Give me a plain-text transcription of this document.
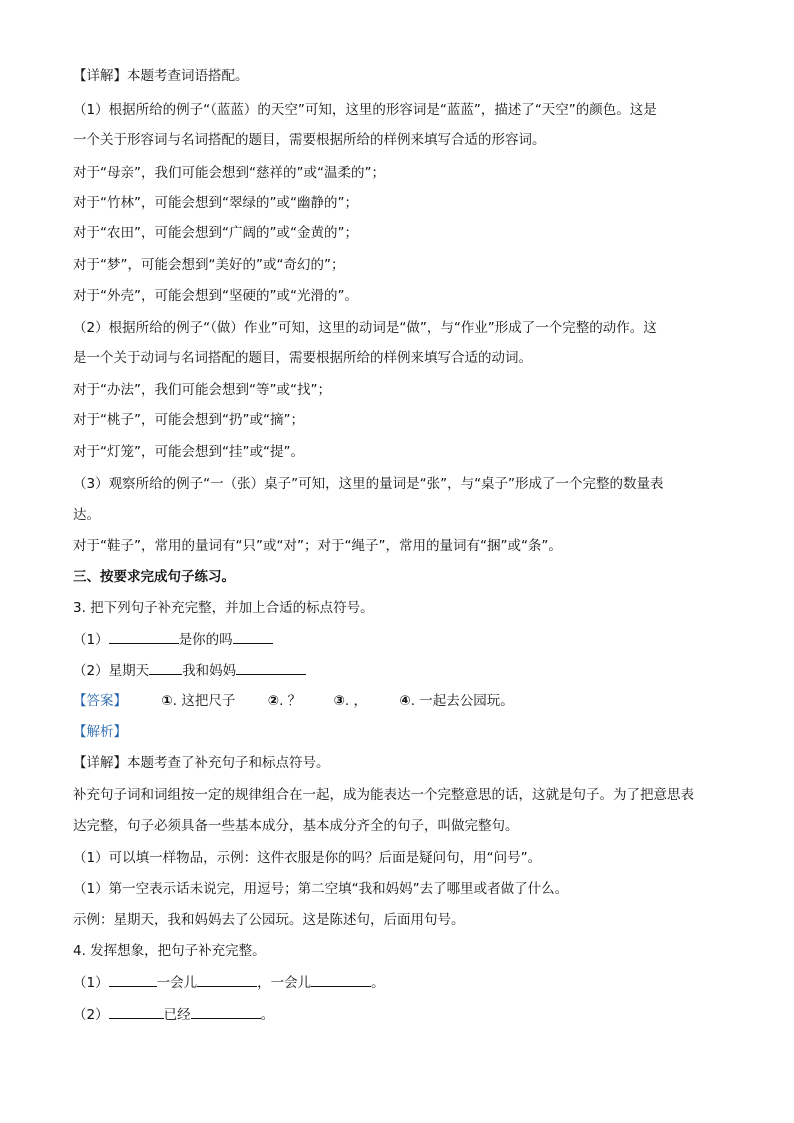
【详解】本题考查词语搭配。
（1）根据所给的例子“（蓝蓝）的天空”可知，这里的形容词是“蓝蓝”，描述了“天空”的颜色。这是
一个关于形容词与名词搭配的题目，需要根据所给的样例来填写合适的形容词。
对于“母亲”，我们可能会想到“慈祥的”或“温柔的”；
对于“竹林”，可能会想到“翠绿的”或“幽静的”；
对于“农田”，可能会想到“广阔的”或“金黄的”；
对于“梦”，可能会想到“美好的”或“奇幻的”；
对于“外壳”，可能会想到“坚硬的”或“光滑的”。
（2）根据所给的例子“（做）作业”可知，这里的动词是“做”，与“作业”形成了一个完整的动作。这
是一个关于动词与名词搭配的题目，需要根据所给的样例来填写合适的动词。
对于“办法”，我们可能会想到“等”或“找”；
对于“桃子”，可能会想到“扔”或“摘”；
对于“灯笼”，可能会想到“挂”或“提”。
（3）观察所给的例子“一（张）桌子”可知，这里的量词是“张”，与“桌子”形成了一个完整的数量表
达。
对于“鞋子”，常用的量词有“只”或“对”；对于“绳子”，常用的量词有“捆”或“条”。
三、按要求完成句子练习。
3. 把下列句子补充完整，并加上合适的标点符号。
（1）	是你的吗
（2）星期天 我和妈妈
【答案】	①. 这把尺子 ②. ？ ③. ， ④. 一起去公园玩。
【解析】
【详解】本题考查了补充句子和标点符号。
补充句子词和词组按一定的规律组合在一起，成为能表达一个完整意思的话，这就是句子。为了把意思表
达完整，句子必须具备一些基本成分，基本成分齐全的句子，叫做完整句。
（1）可以填一样物品，示例：这件衣服是你的吗？后面是疑问句，用“问号”。
（1）第一空表示话未说完，用逗号；第二空填“我和妈妈”去了哪里或者做了什么。
示例：星期天，我和妈妈去了公园玩。这是陈述句，后面用句号。
4. 发挥想象，把句子补充完整。
（1）	一会儿	，一会儿	。
（2）	已经	。
